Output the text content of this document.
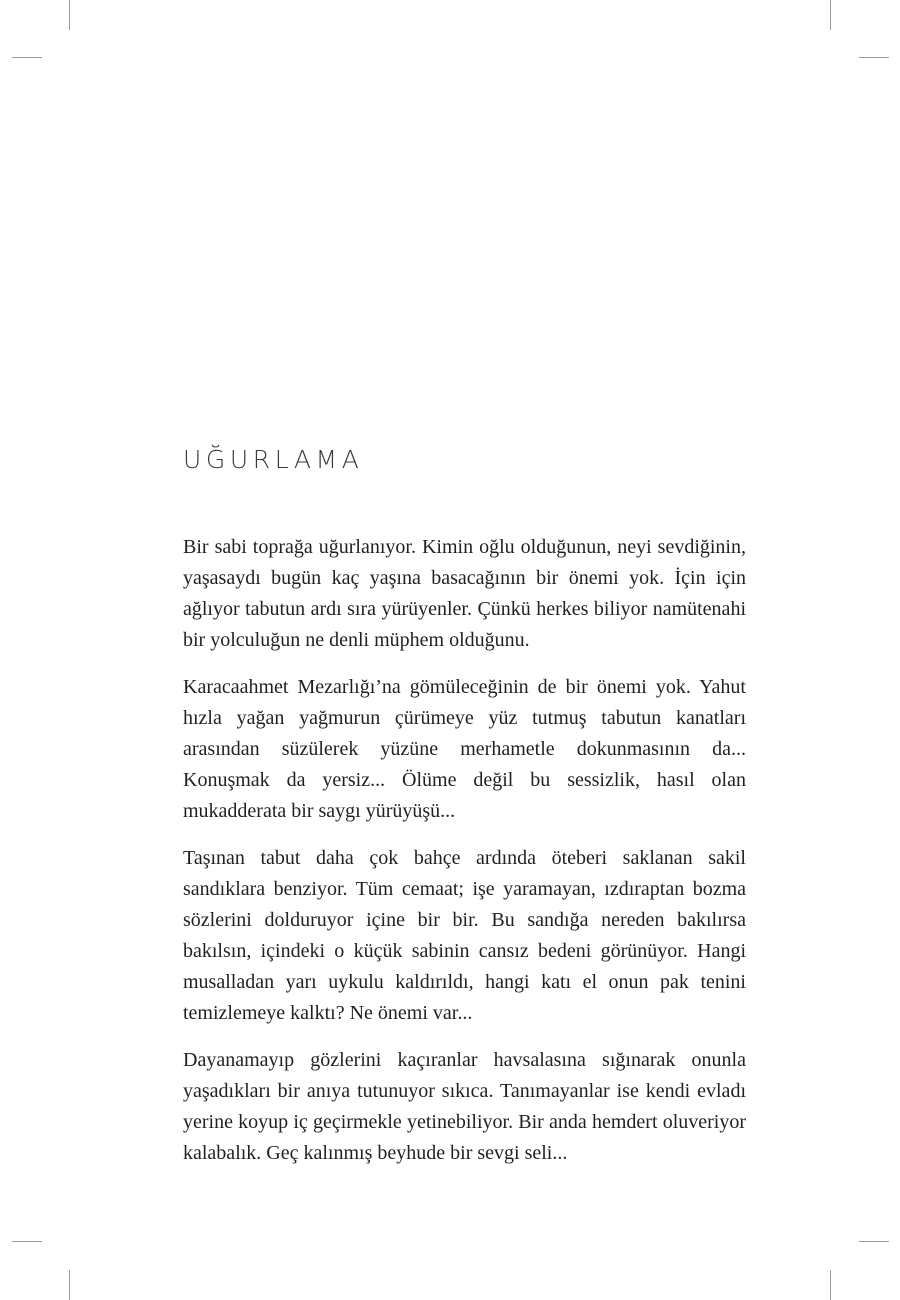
UĞURLAMA

Bir sabi toprağa uğurlanıyor. Kimin oğlu olduğunun, neyi sevdiğinin, yaşasaydı bugün kaç yaşına basacağının bir önemi yok. İçin için ağlıyor tabutun ardı sıra yürüyenler. Çünkü herkes biliyor namütenahi bir yolculuğun ne denli müphem olduğunu.

Karacaahmet Mezarlığı’na gömüleceğinin de bir önemi yok. Yahut hızla yağan yağmurun çürümeye yüz tutmuş tabutun kanatları arasından süzülerek yüzüne merhametle dokunmasının da... Konuşmak da yersiz... Ölüme değil bu sessizlik, hasıl olan mukadderata bir saygı yürüyüşü...

Taşınan tabut daha çok bahçe ardında öteberi saklanan sakil sandıklara benziyor. Tüm cemaat; işe yaramayan, ızdıraptan bozma sözlerini dolduruyor içine bir bir. Bu sandığa nereden bakılırsa bakılsın, içindeki o küçük sabinin cansız bedeni görünüyor. Hangi musalladan yarı uykulu kaldırıldı, hangi katı el onun pak tenini temizlemeye kalktı? Ne önemi var...

Dayanamayıp gözlerini kaçıranlar havsalasına sığınarak onunla yaşadıkları bir anıya tutunuyor sıkıca. Tanımayanlar ise kendi evladı yerine koyup iç geçirmekle yetinebiliyor. Bir anda hemdert oluveriyor kalabalık. Geç kalınmış beyhude bir sevgi seli...
